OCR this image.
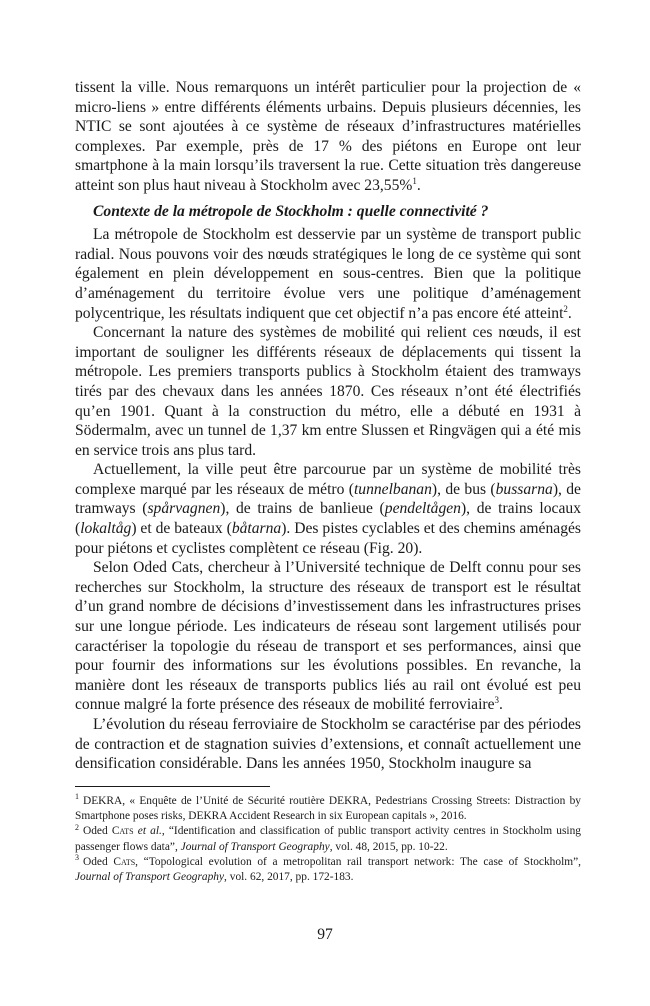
tissent la ville. Nous remarquons un intérêt particulier pour la projection de « micro-liens » entre différents éléments urbains. Depuis plusieurs décennies, les NTIC se sont ajoutées à ce système de réseaux d’infrastructures matérielles complexes. Par exemple, près de 17 % des piétons en Europe ont leur smartphone à la main lorsqu’ils traversent la rue. Cette situation très dangereuse atteint son plus haut niveau à Stockholm avec 23,55%$^1$.

Contexte de la métropole de Stockholm : quelle connectivité ?

La métropole de Stockholm est desservie par un système de transport public radial. Nous pouvons voir des nœuds stratégiques le long de ce système qui sont également en plein développement en sous-centres. Bien que la politique d’aménagement du territoire évolue vers une politique d’aménagement polycentrique, les résultats indiquent que cet objectif n’a pas encore été atteint$^2$.

Concernant la nature des systèmes de mobilité qui relient ces nœuds, il est important de souligner les différents réseaux de déplacements qui tissent la métropole. Les premiers transports publics à Stockholm étaient des tramways tirés par des chevaux dans les années 1870. Ces réseaux n’ont été électrifiés qu’en 1901. Quant à la construction du métro, elle a débuté en 1931 à Södermalm, avec un tunnel de 1,37 km entre Slussen et Ringvägen qui a été mis en service trois ans plus tard.

Actuellement, la ville peut être parcourue par un système de mobilité très complexe marqué par les réseaux de métro (tunnelbanan), de bus (bussarna), de tramways (spårvagnen), de trains de banlieue (pendeltågen), de trains locaux (lokaltåg) et de bateaux (båtarna). Des pistes cyclables et des chemins aménagés pour piétons et cyclistes complètent ce réseau (Fig. 20).

Selon Oded Cats, chercheur à l’Université technique de Delft connu pour ses recherches sur Stockholm, la structure des réseaux de transport est le résultat d’un grand nombre de décisions d’investissement dans les infrastructures prises sur une longue période. Les indicateurs de réseau sont largement utilisés pour caractériser la topologie du réseau de transport et ses performances, ainsi que pour fournir des informations sur les évolutions possibles. En revanche, la manière dont les réseaux de transports publics liés au rail ont évolué est peu connue malgré la forte présence des réseaux de mobilité ferroviaire$^3$.

L’évolution du réseau ferroviaire de Stockholm se caractérise par des périodes de contraction et de stagnation suivies d’extensions, et connaît actuellement une densification considérable. Dans les années 1950, Stockholm inaugure sa

$^1$ DEKRA, « Enquête de l’Unité de Sécurité routière DEKRA, Pedestrians Crossing Streets: Distraction by Smartphone poses risks, DEKRA Accident Research in six European capitals », 2016.

$^2$ Oded Cats et al., “Identification and classification of public transport activity centres in Stockholm using passenger flows data”, Journal of Transport Geography, vol. 48, 2015, pp. 10-22.

$^3$ Oded Cats, “Topological evolution of a metropolitan rail transport network: The case of Stockholm”, Journal of Transport Geography, vol. 62, 2017, pp. 172-183.

97
